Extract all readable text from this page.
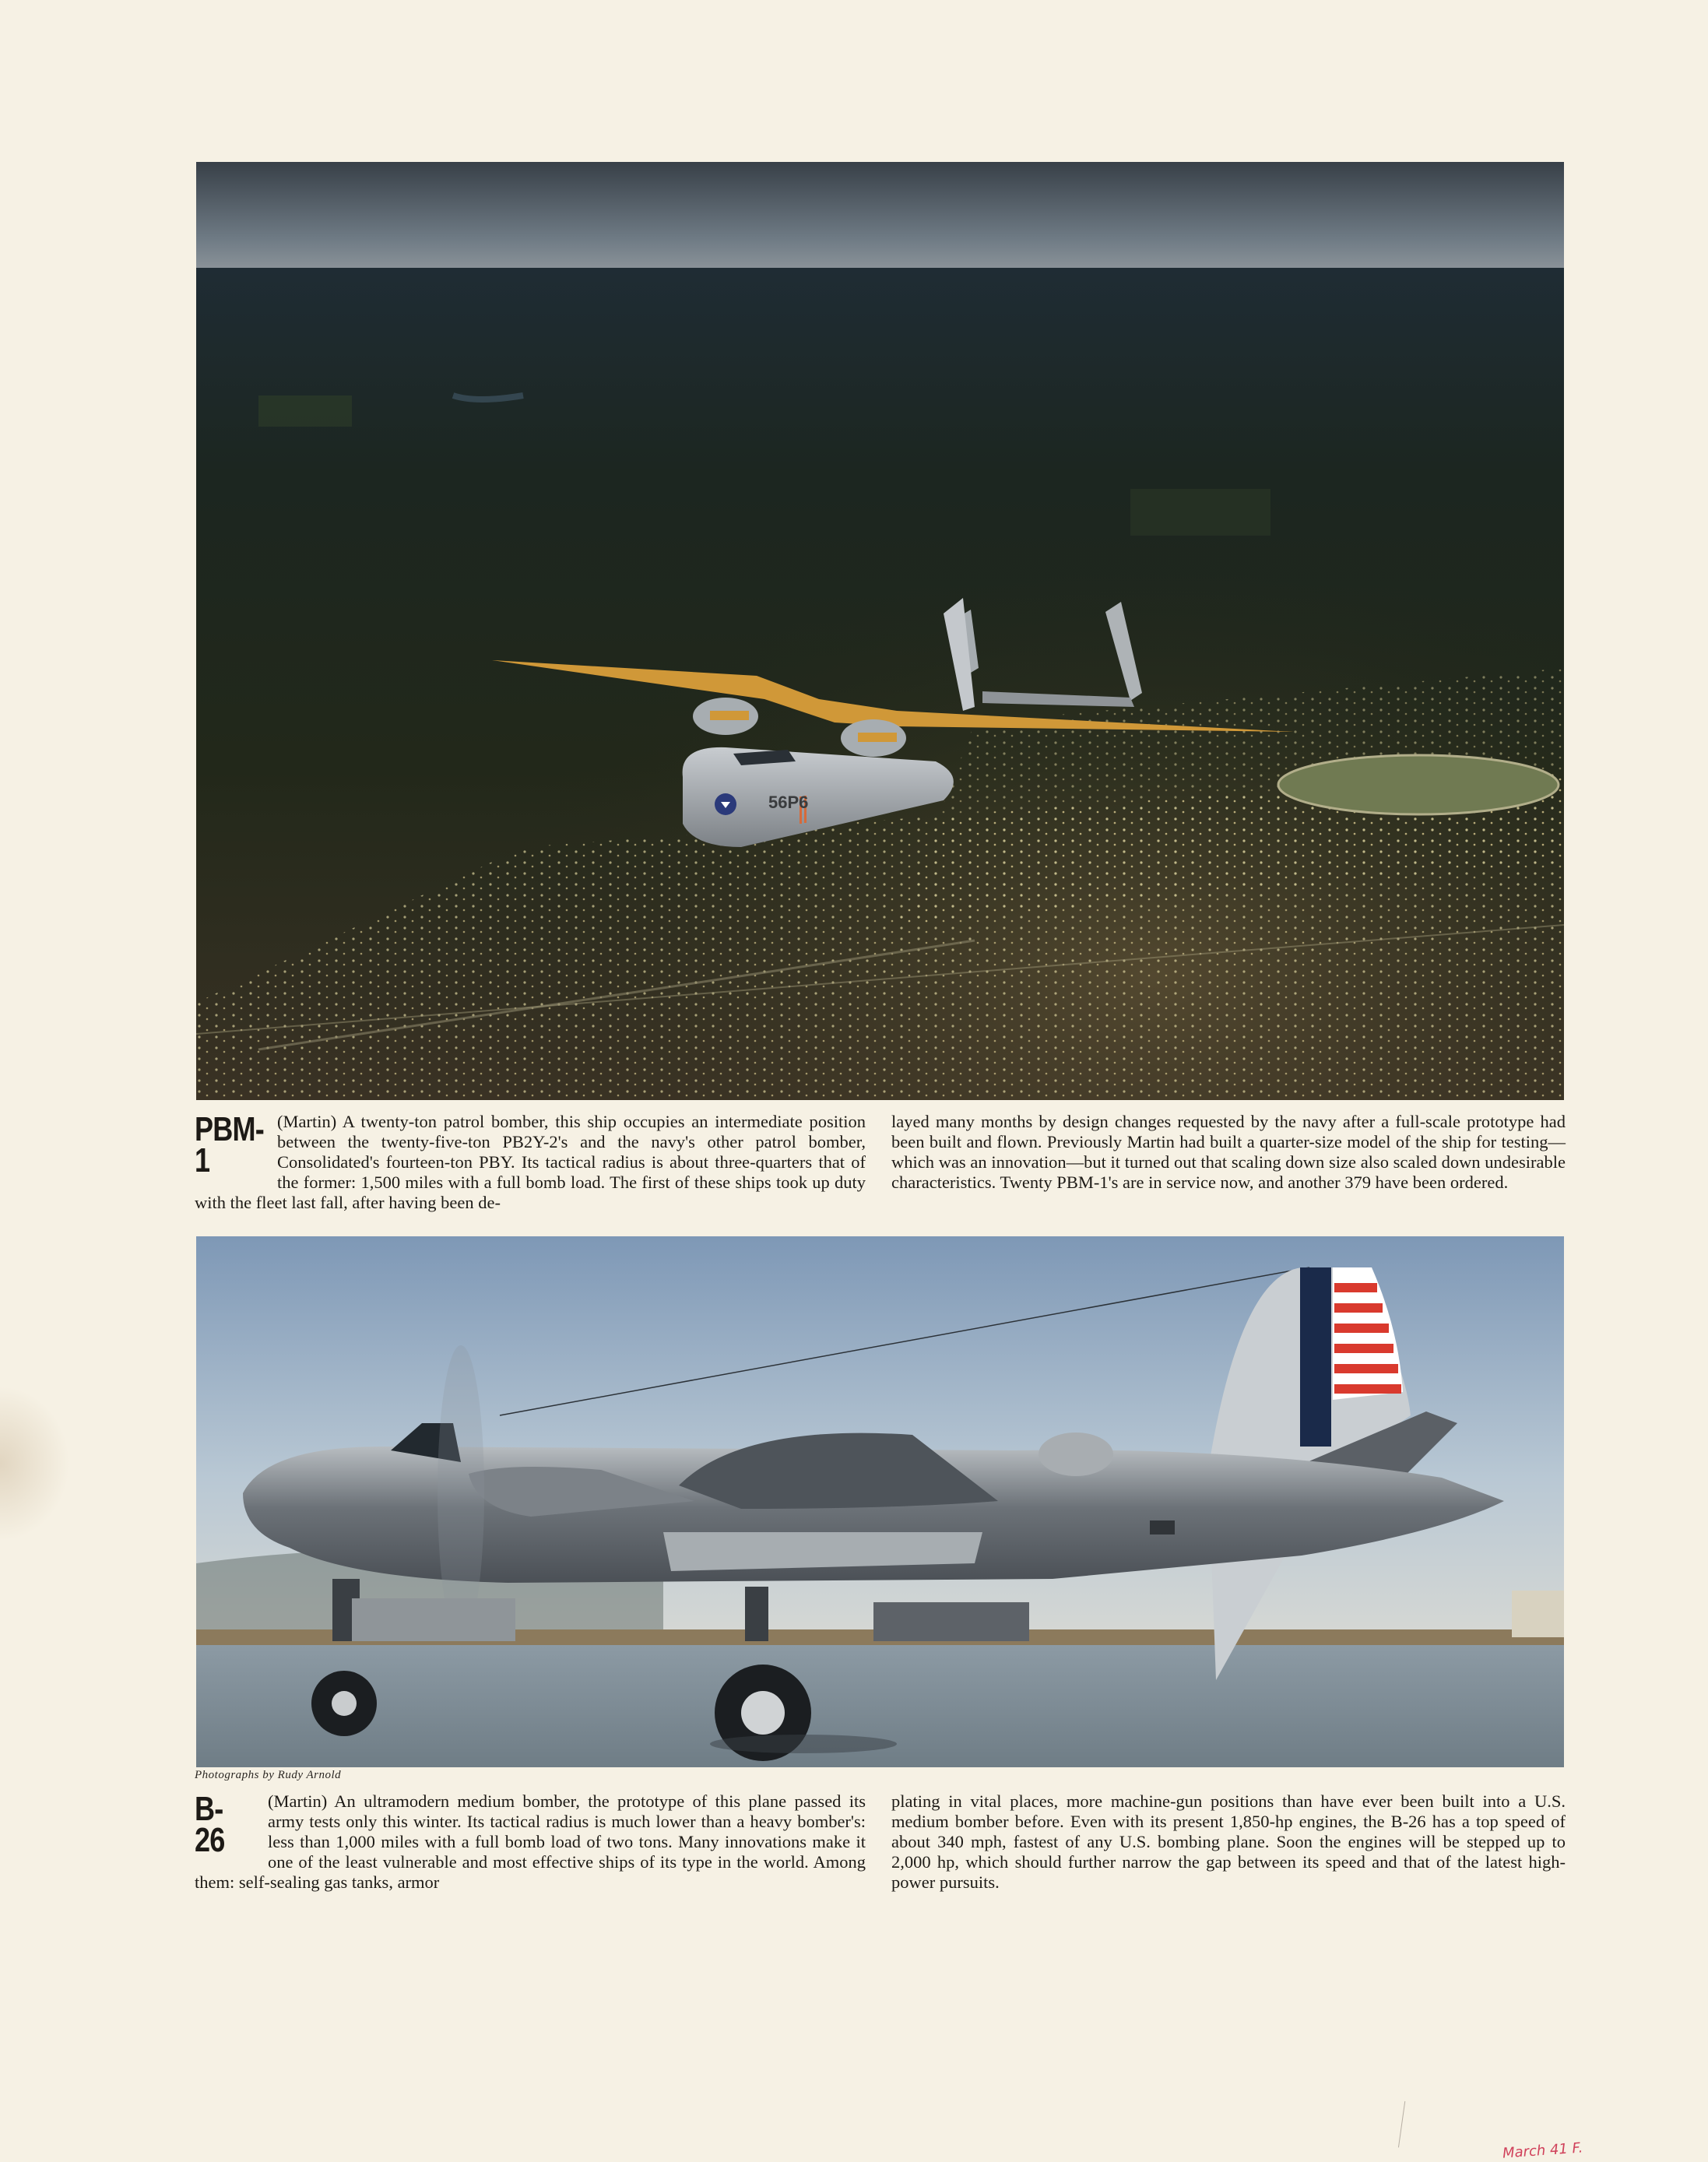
56P6
PBM-1
(Martin) A twenty-ton patrol bomber, this ship occupies an intermediate position between the twenty-five-ton PB2Y-2's and the navy's other patrol bomber, Consolidated's fourteen-ton PBY. Its tactical radius is about three-quarters that of the former: 1,500 miles with a full bomb load. The first of these ships took up duty with the fleet last fall, after having been de-
layed many months by design changes requested by the navy after a full-scale prototype had been built and flown. Previously Martin had built a quarter-size model of the ship for testing—which was an innovation—but it turned out that scaling down size also scaled down undesirable characteristics. Twenty PBM-1's are in service now, and another 379 have been ordered.
Photographs by Rudy Arnold
B-26
(Martin) An ultramodern medium bomber, the prototype of this plane passed its army tests only this winter. Its tactical radius is much lower than a heavy bomber's: less than 1,000 miles with a full bomb load of two tons. Many innovations make it one of the least vulnerable and most effective ships of its type in the world. Among them: self-sealing gas tanks, armor
plating in vital places, more machine-gun positions than have ever been built into a U.S. medium bomber before. Even with its present 1,850-hp engines, the B-26 has a top speed of about 340 mph, fastest of any U.S. bombing plane. Soon the engines will be stepped up to 2,000 hp, which should further narrow the gap between its speed and that of the latest high-power pursuits.
March 41 F.
